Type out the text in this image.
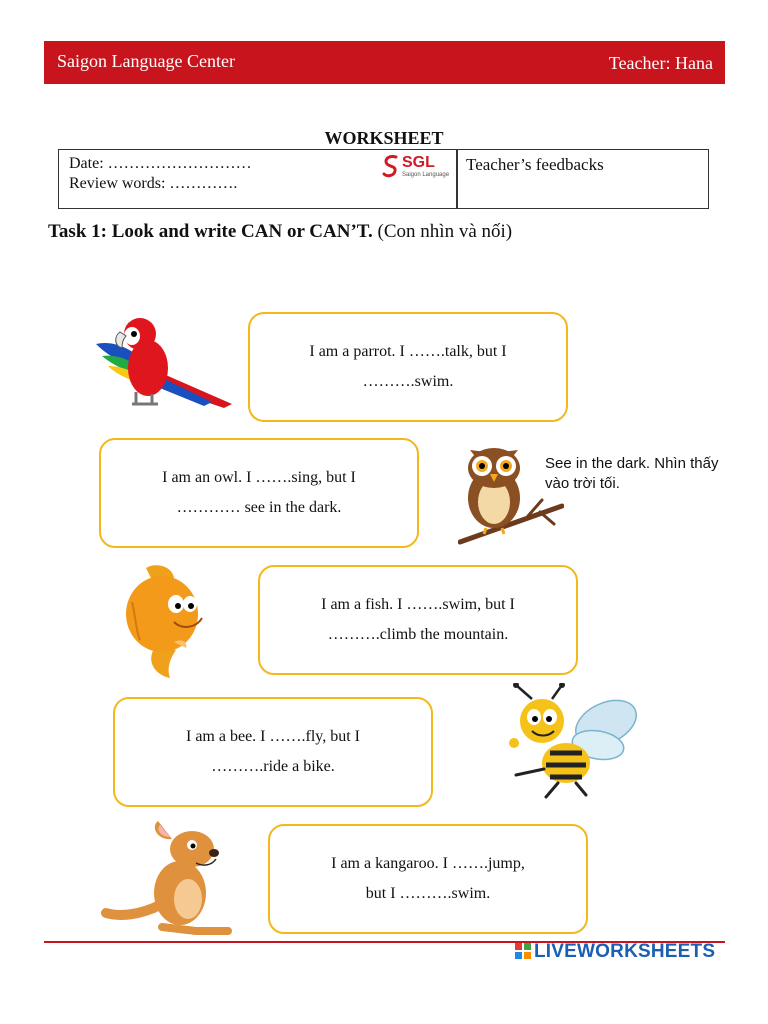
Saigon Language Center	Teacher: Hana
WORKSHEET
Date: ………………………
Review words: ………….
Teacher’s feedbacks
SGL
Saigon Language
Task 1: Look and write CAN or CAN’T. (Con nhìn và nối)
I am a parrot. I …….talk, but I
……….swim.
I am an owl. I …….sing, but I
………… see in the dark.
See in the dark. Nhìn thấy vào trời tối.
I am a fish. I …….swim, but I
……….climb the mountain.
I am a bee. I …….fly, but I
……….ride a bike.
I am a kangaroo. I …….jump,
but I ……….swim.
LIVEWORKSHEETS
